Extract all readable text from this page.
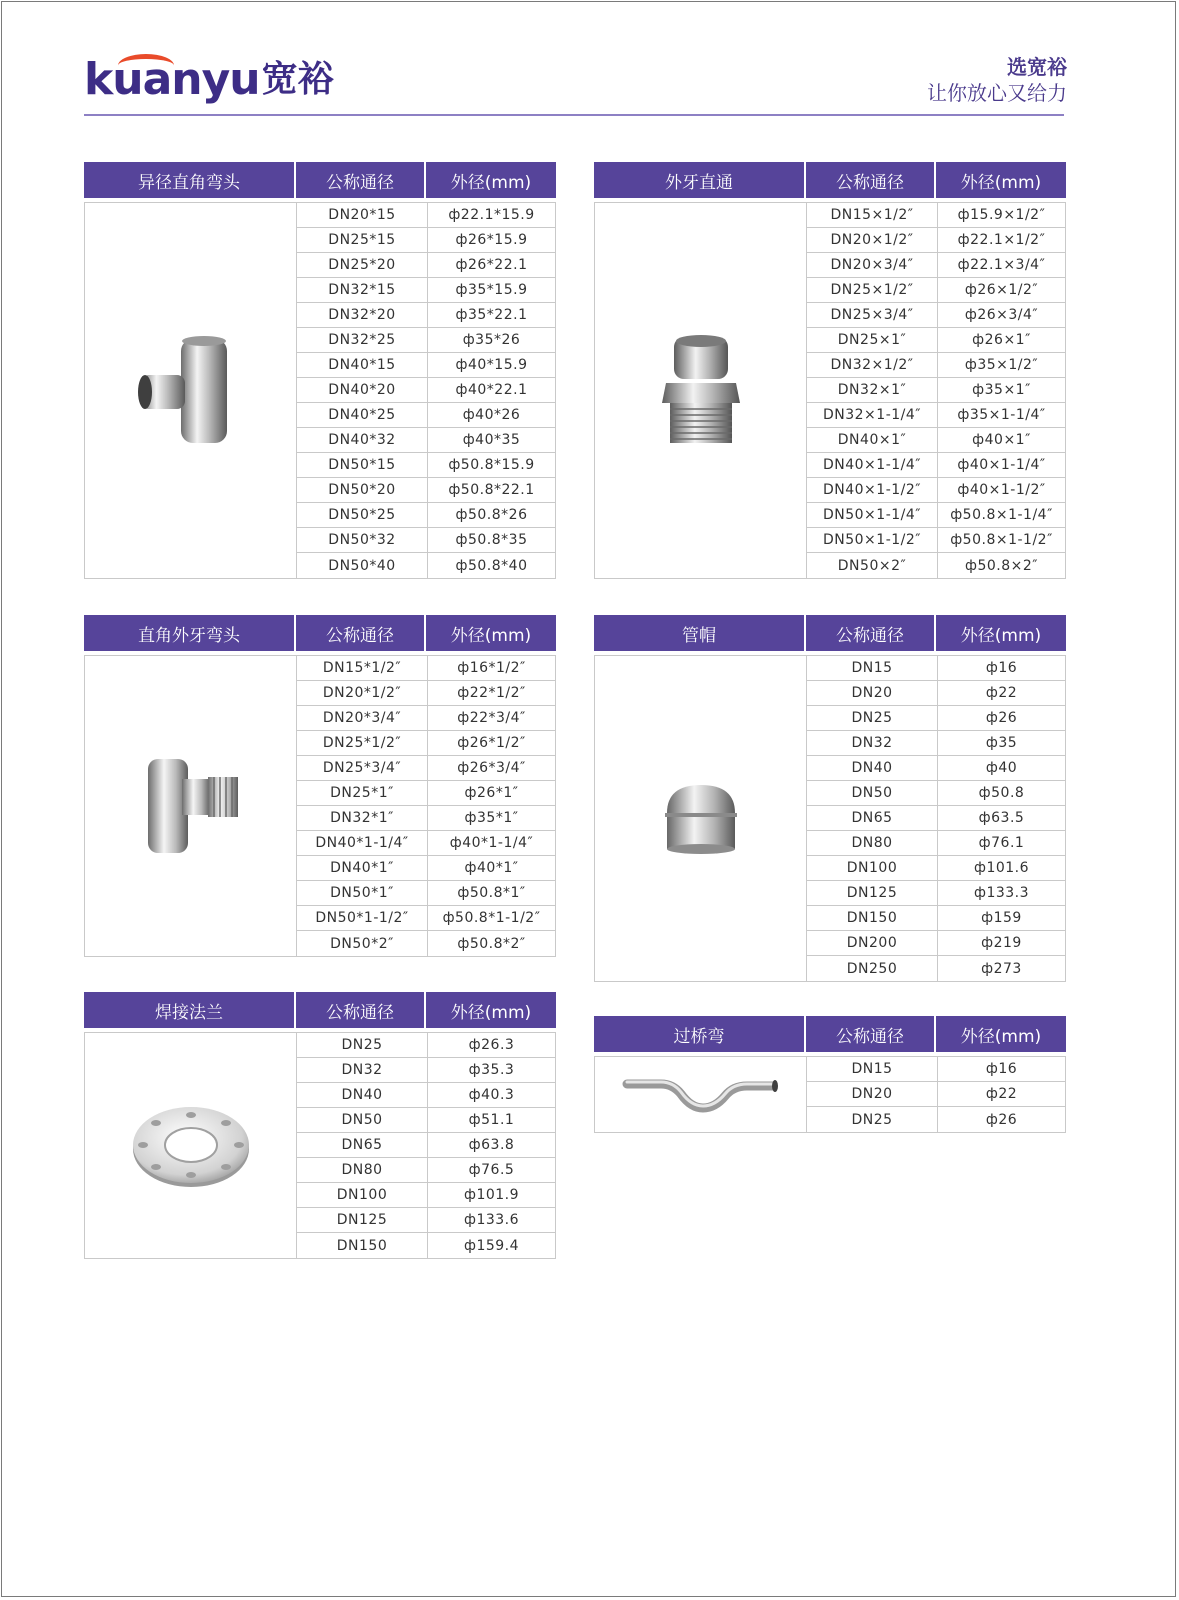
kuanyu 宽裕	选宽裕
让你放心又给力
异径直角弯头	公称通径	外径(mm)
DN20*15	ф22.1*15.9
DN25*15	ф26*15.9
DN25*20	ф26*22.1
DN32*15	ф35*15.9
DN32*20	ф35*22.1
DN32*25	ф35*26
DN40*15	ф40*15.9
DN40*20	ф40*22.1
DN40*25	ф40*26
DN40*32	ф40*35
DN50*15	ф50.8*15.9
DN50*20	ф50.8*22.1
DN50*25	ф50.8*26
DN50*32	ф50.8*35
DN50*40	ф50.8*40
外牙直通	公称通径	外径(mm)
DN15×1/2″	ф15.9×1/2″
DN20×1/2″	ф22.1×1/2″
DN20×3/4″	ф22.1×3/4″
DN25×1/2″	ф26×1/2″
DN25×3/4″	ф26×3/4″
DN25×1″	ф26×1″
DN32×1/2″	ф35×1/2″
DN32×1″	ф35×1″
DN32×1-1/4″	ф35×1-1/4″
DN40×1″	ф40×1″
DN40×1-1/4″	ф40×1-1/4″
DN40×1-1/2″	ф40×1-1/2″
DN50×1-1/4″	ф50.8×1-1/4″
DN50×1-1/2″	ф50.8×1-1/2″
DN50×2″	ф50.8×2″
直角外牙弯头	公称通径	外径(mm)
DN15*1/2″	ф16*1/2″
DN20*1/2″	ф22*1/2″
DN20*3/4″	ф22*3/4″
DN25*1/2″	ф26*1/2″
DN25*3/4″	ф26*3/4″
DN25*1″	ф26*1″
DN32*1″	ф35*1″
DN40*1-1/4″	ф40*1-1/4″
DN40*1″	ф40*1″
DN50*1″	ф50.8*1″
DN50*1-1/2″	ф50.8*1-1/2″
DN50*2″	ф50.8*2″
管帽	公称通径	外径(mm)
DN15	ф16
DN20	ф22
DN25	ф26
DN32	ф35
DN40	ф40
DN50	ф50.8
DN65	ф63.5
DN80	ф76.1
DN100	ф101.6
DN125	ф133.3
DN150	ф159
DN200	ф219
DN250	ф273
焊接法兰	公称通径	外径(mm)
DN25	ф26.3
DN32	ф35.3
DN40	ф40.3
DN50	ф51.1
DN65	ф63.8
DN80	ф76.5
DN100	ф101.9
DN125	ф133.6
DN150	ф159.4
过桥弯	公称通径	外径(mm)
DN15	ф16
DN20	ф22
DN25	ф26
